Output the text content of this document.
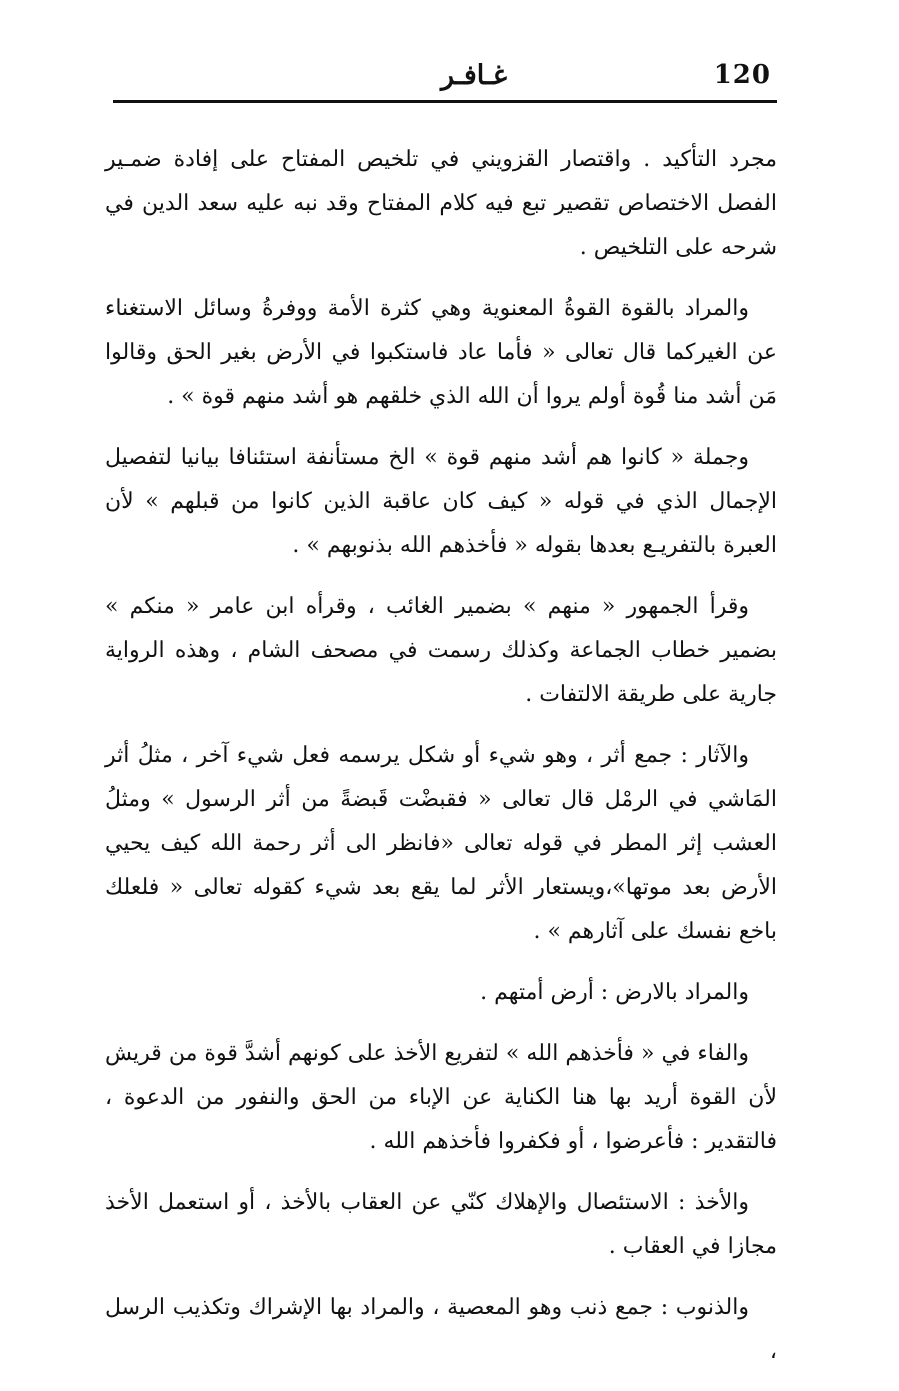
120
غـافـر

مجرد التأكيد . واقتصار القزويني في تلخيص المفتاح على إفادة ضمـير الفصل الاختصاص تقصير تبع فيه كلام المفتاح وقد نبه عليه سعد الدين في شرحه على التلخيص .

والمراد بالقوة القوةُ المعنوية وهي كثرة الأمة ووفرةُ وسائل الاستغناء عن الغيركما قال تعالى « فأما عاد فاستكبوا في الأرض بغير الحق وقالوا مَن أشد منا قُوة أولم يروا أن الله الذي خلقهم هو أشد منهم قوة » .

وجملة « كانوا هم أشد منهم قوة » الخ مستأنفة استئنافا بيانيا لتفصيل الإجمال الذي في قوله « كيف كان عاقبة الذين كانوا من قبلهم » لأن العبرة بالتفريـع بعدها بقوله « فأخذهم الله بذنوبهم » .

وقرأ الجمهور « منهم » بضمير الغائب ، وقرأه ابن عامر « منكم » بضمير خطاب الجماعة وكذلك رسمت في مصحف الشام ، وهذه الرواية جارية على طريقة الالتفات .

والآثار : جمع أثر ، وهو شيء أو شكل يرسمه فعل شيء آخر ، مثلُ أثر المَاشي في الرمْل قال تعالى « فقبضْت قَبضةً من أثر الرسول » ومثلُ العشب إثر المطر في قوله تعالى «فانظر الى أثر رحمة الله كيف يحيي الأرض بعد موتها»،ويستعار الأثر لما يقع بعد شيء كقوله تعالى « فلعلك باخع نفسك على آثارهم » .

والمراد بالارض : أرض أمتهم .

والفاء في « فأخذهم الله » لتفريع الأخذ على كونهم أشدَّ قوة من قريش لأن القوة أريد بها هنا الكناية عن الإباء من الحق والنفور من الدعوة ، فالتقدير : فأعرضوا ، أو فكفروا فأخذهم الله .

والأخذ : الاستئصال والإهلاك كنّي عن العقاب بالأخذ ، أو استعمل الأخذ مجازا في العقاب .

والذنوب : جمع ذنب وهو المعصية ، والمراد بها الإشراك وتكذيب الرسل ،
